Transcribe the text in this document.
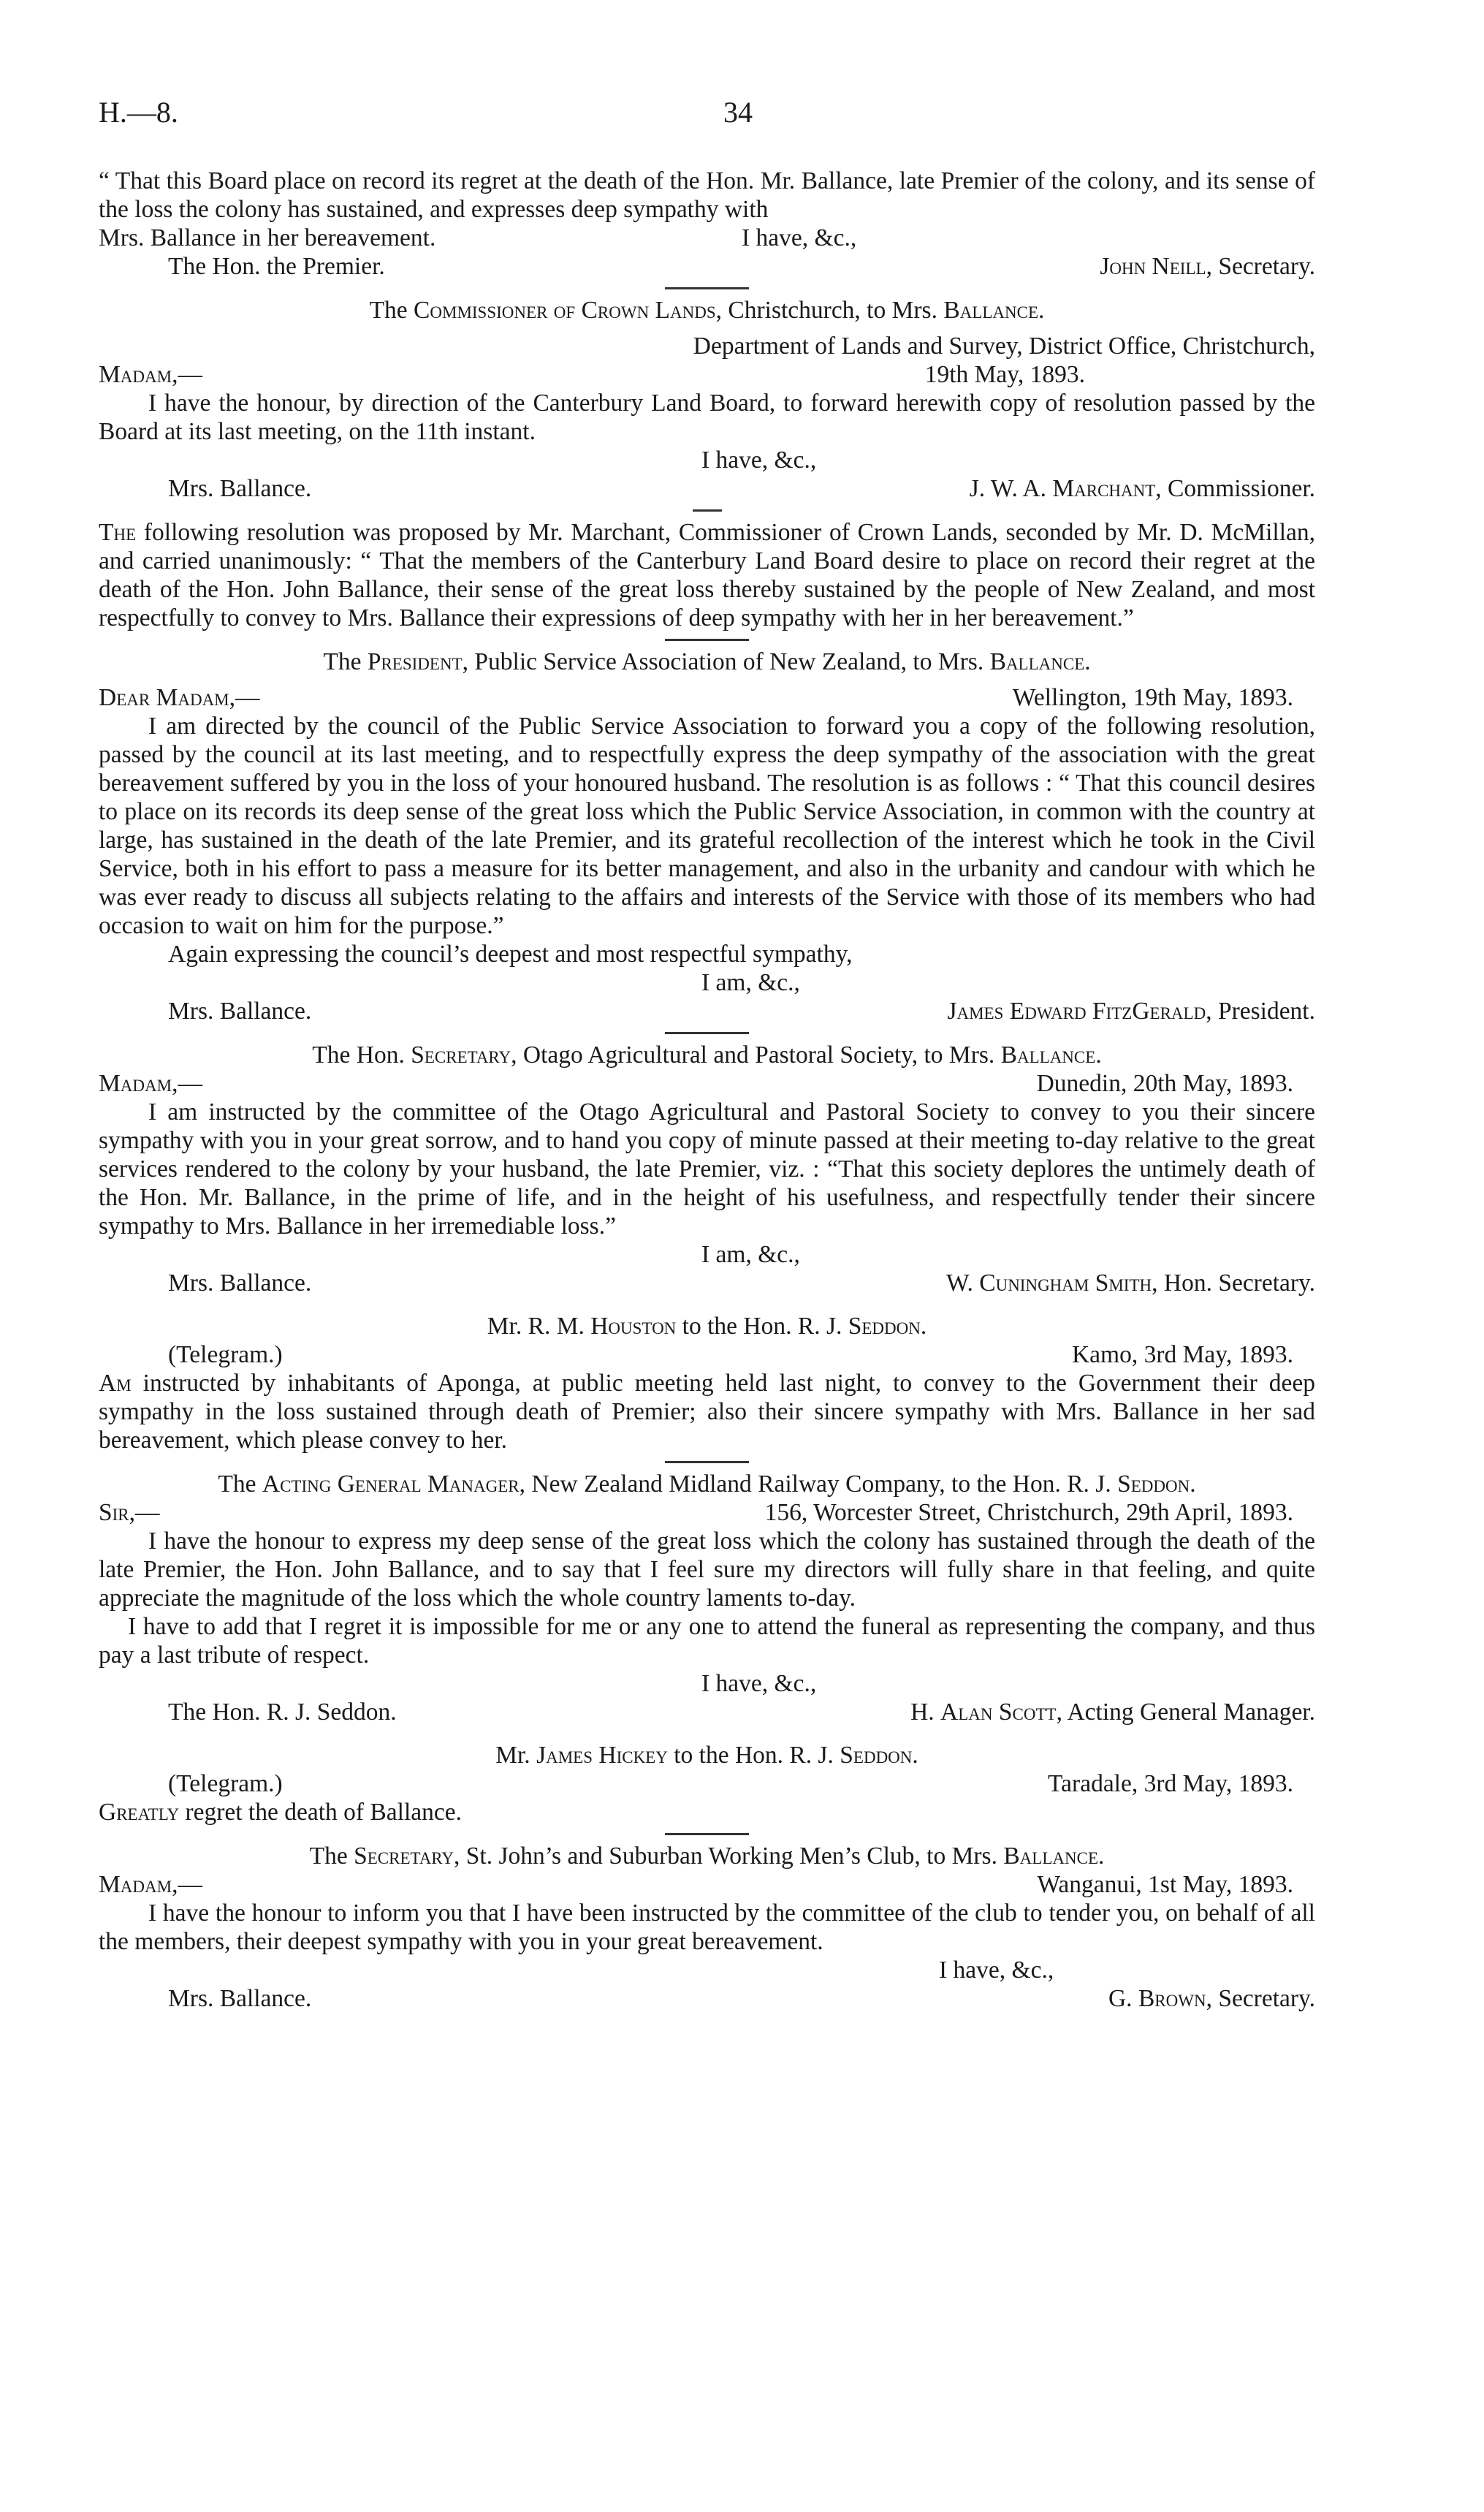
H.—8.	34

“ That this Board place on record its regret at the death of the Hon. Mr. Ballance, late Premier of the colony, and its sense of the loss the colony has sustained, and expresses deep sympathy with

Mrs. Ballance in her bereavement.	I have, &c.,
The Hon. the Premier.	John Neill, Secretary.

The Commissioner of Crown Lands, Christchurch, to Mrs. Ballance.

Department of Lands and Survey, District Office, Christchurch,
Madam,—	19th May, 1893.

I have the honour, by direction of the Canterbury Land Board, to forward herewith copy of resolution passed by the Board at its last meeting, on the 11th instant.

I have, &c.,
Mrs. Ballance.	J. W. A. Marchant, Commissioner.

The following resolution was proposed by Mr. Marchant, Commissioner of Crown Lands, seconded by Mr. D. McMillan, and carried unanimously: “ That the members of the Canterbury Land Board desire to place on record their regret at the death of the Hon. John Ballance, their sense of the great loss thereby sustained by the people of New Zealand, and most respectfully to convey to Mrs. Ballance their expressions of deep sympathy with her in her bereavement.”

The President, Public Service Association of New Zealand, to Mrs. Ballance.

Dear Madam,—	Wellington, 19th May, 1893.

I am directed by the council of the Public Service Association to forward you a copy of the following resolution, passed by the council at its last meeting, and to respectfully express the deep sympathy of the association with the great bereavement suffered by you in the loss of your honoured husband. The resolution is as follows : “ That this council desires to place on its records its deep sense of the great loss which the Public Service Association, in common with the country at large, has sustained in the death of the late Premier, and its grateful recollection of the interest which he took in the Civil Service, both in his effort to pass a measure for its better management, and also in the urbanity and candour with which he was ever ready to discuss all subjects relating to the affairs and interests of the Service with those of its members who had occasion to wait on him for the purpose.”

Again expressing the council’s deepest and most respectful sympathy,

I am, &c.,
Mrs. Ballance.	James Edward FitzGerald, President.

The Hon. Secretary, Otago Agricultural and Pastoral Society, to Mrs. Ballance.

Madam,—	Dunedin, 20th May, 1893.

I am instructed by the committee of the Otago Agricultural and Pastoral Society to convey to you their sincere sympathy with you in your great sorrow, and to hand you copy of minute passed at their meeting to-day relative to the great services rendered to the colony by your husband, the late Premier, viz. : “That this society deplores the untimely death of the Hon. Mr. Ballance, in the prime of life, and in the height of his usefulness, and respectfully tender their sincere sympathy to Mrs. Ballance in her irremediable loss.”

I am, &c.,
Mrs. Ballance.	W. Cuningham Smith, Hon. Secretary.

Mr. R. M. Houston to the Hon. R. J. Seddon.

(Telegram.)	Kamo, 3rd May, 1893.

Am instructed by inhabitants of Aponga, at public meeting held last night, to convey to the Government their deep sympathy in the loss sustained through death of Premier; also their sincere sympathy with Mrs. Ballance in her sad bereavement, which please convey to her.

The Acting General Manager, New Zealand Midland Railway Company, to the Hon. R. J. Seddon.

Sir,—	156, Worcester Street, Christchurch, 29th April, 1893.

I have the honour to express my deep sense of the great loss which the colony has sustained through the death of the late Premier, the Hon. John Ballance, and to say that I feel sure my directors will fully share in that feeling, and quite appreciate the magnitude of the loss which the whole country laments to-day.

I have to add that I regret it is impossible for me or any one to attend the funeral as representing the company, and thus pay a last tribute of respect.

I have, &c.,
The Hon. R. J. Seddon.	H. Alan Scott, Acting General Manager.

Mr. James Hickey to the Hon. R. J. Seddon.

(Telegram.)	Taradale, 3rd May, 1893.

Greatly regret the death of Ballance.

The Secretary, St. John’s and Suburban Working Men’s Club, to Mrs. Ballance.

Madam,—	Wanganui, 1st May, 1893.

I have the honour to inform you that I have been instructed by the committee of the club to tender you, on behalf of all the members, their deepest sympathy with you in your great bereavement.

I have, &c.,
Mrs. Ballance.	G. Brown, Secretary.
